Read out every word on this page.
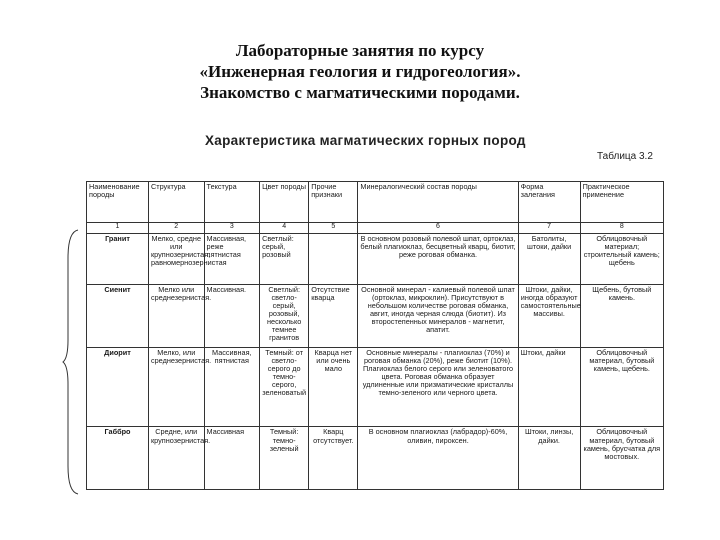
Лабораторные занятия по курсу
«Инженерная геология и гидрогеология».
Знакомство с магматическими породами.
Характеристика магматических горных пород
Таблица 3.2
Наименование породы	Структура	Текстура	Цвет породы	Прочие признаки	Минералогический состав породы	Форма залегания	Практическое применение
1	2	3	4	5	6	7	8
Гранит	Мелко, средне или крупнозернистая, равномернозернистая	Массивная, реже пятнистая	Светлый: серый, розовый		В основном розовый полевой шпат, ортоклаз, белый плагиоклаз, бесцветный кварц, биотит, реже роговая обманка.	Батолиты, штоки, дайки	Облицовочный материал; строительный камень; щебень
Сиенит	Мелко или среднезернистая.	Массивная.	Светлый: светло-серый, розовый, несколько темнее гранитов	Отсутствие кварца	Основной минерал - калиевый полевой шпат (ортоклаз, микроклин). Присутствуют в небольшом количестве роговая обманка, авгит, иногда черная слюда (биотит). Из второстепенных минералов - магнетит, апатит.	Штоки, дайки, иногда образуют самостоятельные массивы.	Щебень, бутовый камень.
Диорит	Мелко, или среднезернистая.	Массивная, пятнистая	Темный: от светло-серого до темно-серого, зеленоватый	Кварца нет или очень мало	Основные минералы - плагиоклаз (70%) и роговая обманка (20%), реже биотит (10%). Плагиоклаз белого серого или зеленоватого цвета. Роговая обманка образует удлиненные или призматические кристаллы темно-зеленого или черного цвета.	Штоки, дайки	Облицовочный материал, бутовый камень, щебень.
Габбро	Средне, или крупнозернистая.	Массивная	Темный: темно-зеленый	Кварц отсутствует.	В основном плагиоклаз (лабрадор)-60%, оливин, пироксен.	Штоки, линзы, дайки.	Облицовочный материал, бутовый камень, брусчатка для мостовых.
